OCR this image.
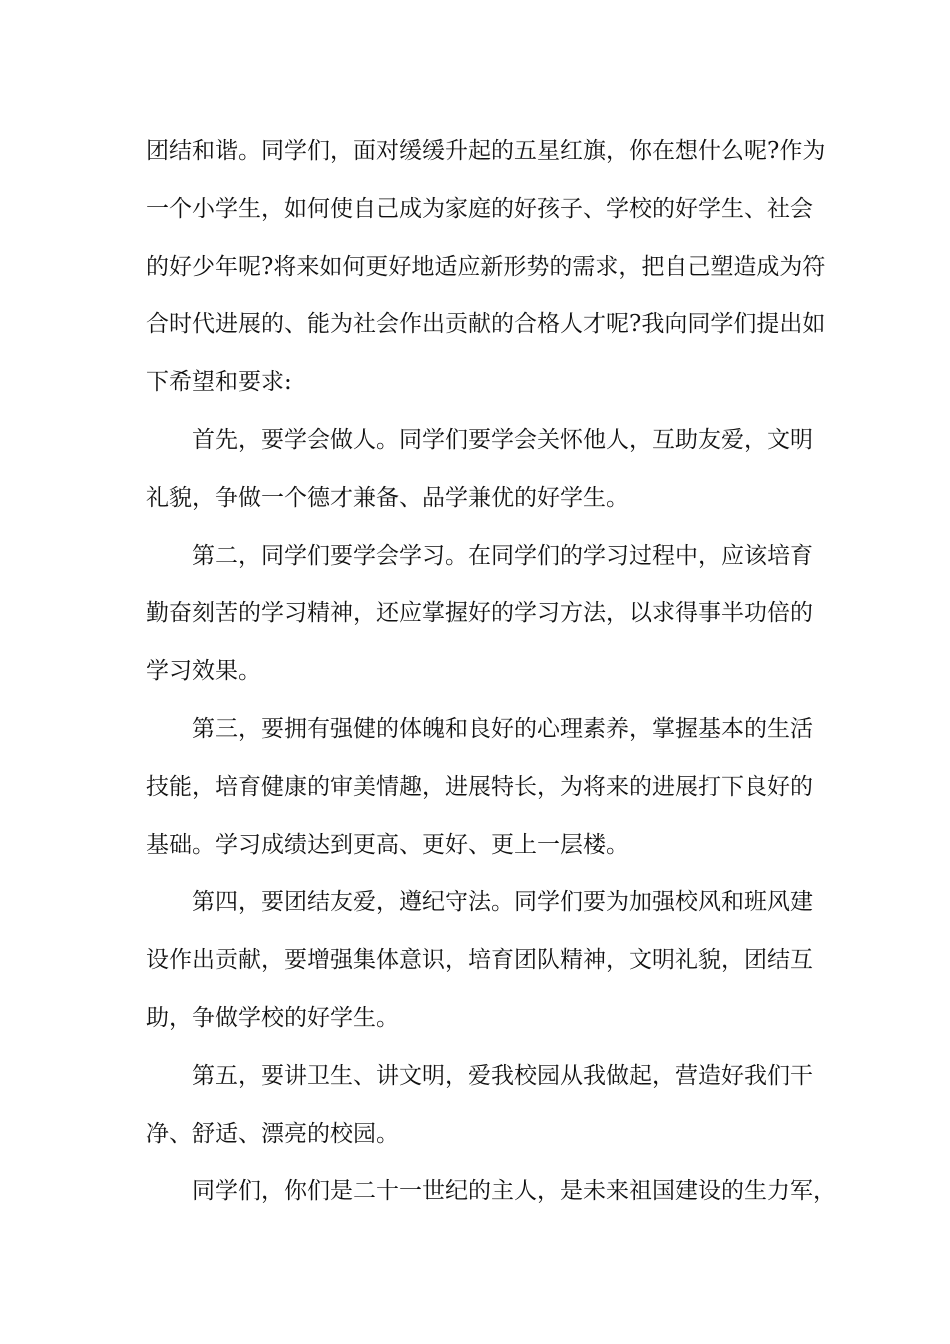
团结和谐。同学们，面对缓缓升起的五星红旗，你在想什么呢?作为
一个小学生，如何使自己成为家庭的好孩子、学校的好学生、社会
的好少年呢?将来如何更好地适应新形势的需求，把自己塑造成为符
合时代进展的、能为社会作出贡献的合格人才呢?我向同学们提出如
下希望和要求:

首先，要学会做人。同学们要学会关怀他人，互助友爱，文明
礼貌，争做一个德才兼备、品学兼优的好学生。

第二，同学们要学会学习。在同学们的学习过程中，应该培育
勤奋刻苦的学习精神，还应掌握好的学习方法，以求得事半功倍的
学习效果。

第三，要拥有强健的体魄和良好的心理素养，掌握基本的生活
技能，培育健康的审美情趣，进展特长，为将来的进展打下良好的
基础。学习成绩达到更高、更好、更上一层楼。

第四，要团结友爱，遵纪守法。同学们要为加强校风和班风建
设作出贡献，要增强集体意识，培育团队精神，文明礼貌，团结互
助，争做学校的好学生。

第五，要讲卫生、讲文明，爱我校园从我做起，营造好我们干
净、舒适、漂亮的校园。

同学们，你们是二十一世纪的主人，是未来祖国建设的生力军，
